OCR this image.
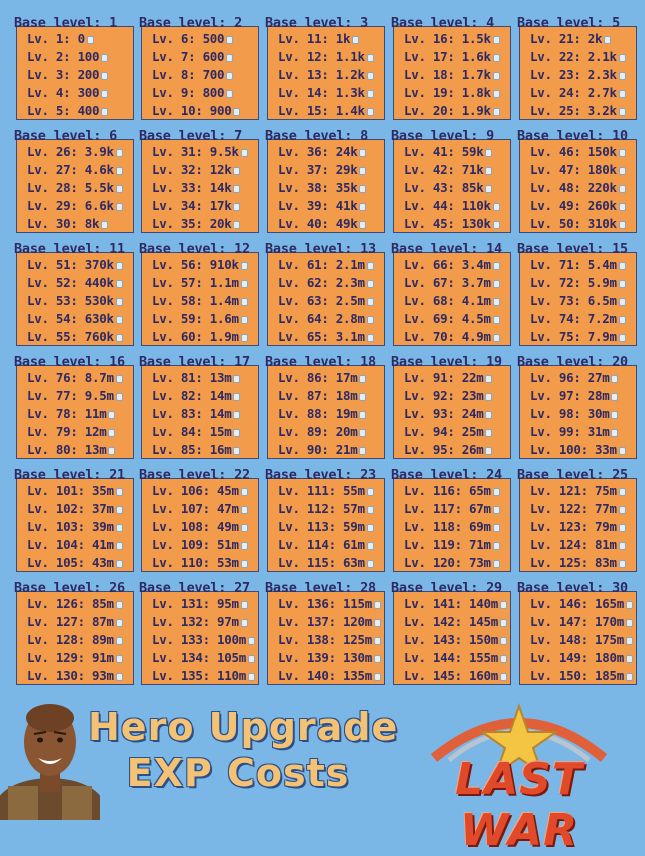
Base level: 1
Lv. 1: 0
Lv. 2: 100
Lv. 3: 200
Lv. 4: 300
Lv. 5: 400
Base level: 2
Lv. 6: 500
Lv. 7: 600
Lv. 8: 700
Lv. 9: 800
Lv. 10: 900
Base level: 3
Lv. 11: 1k
Lv. 12: 1.1k
Lv. 13: 1.2k
Lv. 14: 1.3k
Lv. 15: 1.4k
Base level: 4
Lv. 16: 1.5k
Lv. 17: 1.6k
Lv. 18: 1.7k
Lv. 19: 1.8k
Lv. 20: 1.9k
Base level: 5
Lv. 21: 2k
Lv. 22: 2.1k
Lv. 23: 2.3k
Lv. 24: 2.7k
Lv. 25: 3.2k
Base level: 6
Lv. 26: 3.9k
Lv. 27: 4.6k
Lv. 28: 5.5k
Lv. 29: 6.6k
Lv. 30: 8k
Base level: 7
Lv. 31: 9.5k
Lv. 32: 12k
Lv. 33: 14k
Lv. 34: 17k
Lv. 35: 20k
Base level: 8
Lv. 36: 24k
Lv. 37: 29k
Lv. 38: 35k
Lv. 39: 41k
Lv. 40: 49k
Base level: 9
Lv. 41: 59k
Lv. 42: 71k
Lv. 43: 85k
Lv. 44: 110k
Lv. 45: 130k
Base level: 10
Lv. 46: 150k
Lv. 47: 180k
Lv. 48: 220k
Lv. 49: 260k
Lv. 50: 310k
Base level: 11
Lv. 51: 370k
Lv. 52: 440k
Lv. 53: 530k
Lv. 54: 630k
Lv. 55: 760k
Base level: 12
Lv. 56: 910k
Lv. 57: 1.1m
Lv. 58: 1.4m
Lv. 59: 1.6m
Lv. 60: 1.9m
Base level: 13
Lv. 61: 2.1m
Lv. 62: 2.3m
Lv. 63: 2.5m
Lv. 64: 2.8m
Lv. 65: 3.1m
Base level: 14
Lv. 66: 3.4m
Lv. 67: 3.7m
Lv. 68: 4.1m
Lv. 69: 4.5m
Lv. 70: 4.9m
Base level: 15
Lv. 71: 5.4m
Lv. 72: 5.9m
Lv. 73: 6.5m
Lv. 74: 7.2m
Lv. 75: 7.9m
Base level: 16
Lv. 76: 8.7m
Lv. 77: 9.5m
Lv. 78: 11m
Lv. 79: 12m
Lv. 80: 13m
Base level: 17
Lv. 81: 13m
Lv. 82: 14m
Lv. 83: 14m
Lv. 84: 15m
Lv. 85: 16m
Base level: 18
Lv. 86: 17m
Lv. 87: 18m
Lv. 88: 19m
Lv. 89: 20m
Lv. 90: 21m
Base level: 19
Lv. 91: 22m
Lv. 92: 23m
Lv. 93: 24m
Lv. 94: 25m
Lv. 95: 26m
Base level: 20
Lv. 96: 27m
Lv. 97: 28m
Lv. 98: 30m
Lv. 99: 31m
Lv. 100: 33m
Base level: 21
Lv. 101: 35m
Lv. 102: 37m
Lv. 103: 39m
Lv. 104: 41m
Lv. 105: 43m
Base level: 22
Lv. 106: 45m
Lv. 107: 47m
Lv. 108: 49m
Lv. 109: 51m
Lv. 110: 53m
Base level: 23
Lv. 111: 55m
Lv. 112: 57m
Lv. 113: 59m
Lv. 114: 61m
Lv. 115: 63m
Base level: 24
Lv. 116: 65m
Lv. 117: 67m
Lv. 118: 69m
Lv. 119: 71m
Lv. 120: 73m
Base level: 25
Lv. 121: 75m
Lv. 122: 77m
Lv. 123: 79m
Lv. 124: 81m
Lv. 125: 83m
Base level: 26
Lv. 126: 85m
Lv. 127: 87m
Lv. 128: 89m
Lv. 129: 91m
Lv. 130: 93m
Base level: 27
Lv. 131: 95m
Lv. 132: 97m
Lv. 133: 100m
Lv. 134: 105m
Lv. 135: 110m
Base level: 28
Lv. 136: 115m
Lv. 137: 120m
Lv. 138: 125m
Lv. 139: 130m
Lv. 140: 135m
Base level: 29
Lv. 141: 140m
Lv. 142: 145m
Lv. 143: 150m
Lv. 144: 155m
Lv. 145: 160m
Base level: 30
Lv. 146: 165m
Lv. 147: 170m
Lv. 148: 175m
Lv. 149: 180m
Lv. 150: 185m
Hero Upgrade
EXP Costs	LAST WAR
